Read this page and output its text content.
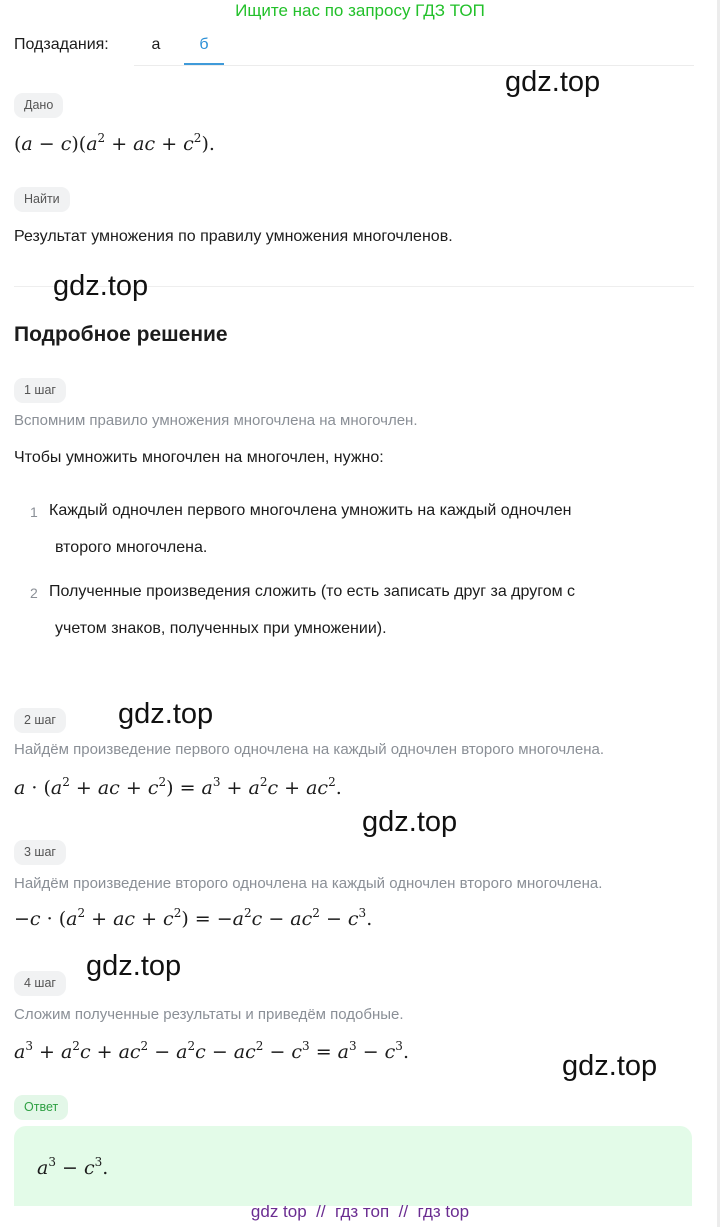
Ищите нас по запросу ГДЗ ТОП
Подзадания:	а	б
gdz.top
Дано
$(a - c)(a^2$ + ac + $c^2$).
Найти
Результат умножения по правилу умножения многочленов.
gdz.top
Подробное решение
1 шаг
Вспомним правило умножения многочлена на многочлен.
Чтобы умножить многочлен на многочлен, нужно:
1 Каждый одночлен первого многочлена умножить на каждый одночлен
второго многочлена.
2 Полученные произведения сложить (то есть записать друг за другом с
учетом знаков, полученных при умножении).
2 шаг	gdz.top
Найдём произведение первого одночлена на каждый одночлен второго многочлена.
$a \cdot (a^2$ + ac + $c^2) = a^3 + a^2c + ac^2$.
gdz.top
3 шаг
Найдём произведение второго одночлена на каждый одночлен второго многочлена.
$-c \cdot (a^2$ + ac + $c^2) = -a^2c - ac^2 - c^3$.
4 шаг
gdz.top
Сложим полученные результаты и приведём подобные.
$a^3 + a^2c + ac^2 - a^2c - ac^2 - c^3 = a^3 - c^3$.	gdz.top
Ответ
$a^3 - c^3$.
gdz top // гдз топ // гдз top
